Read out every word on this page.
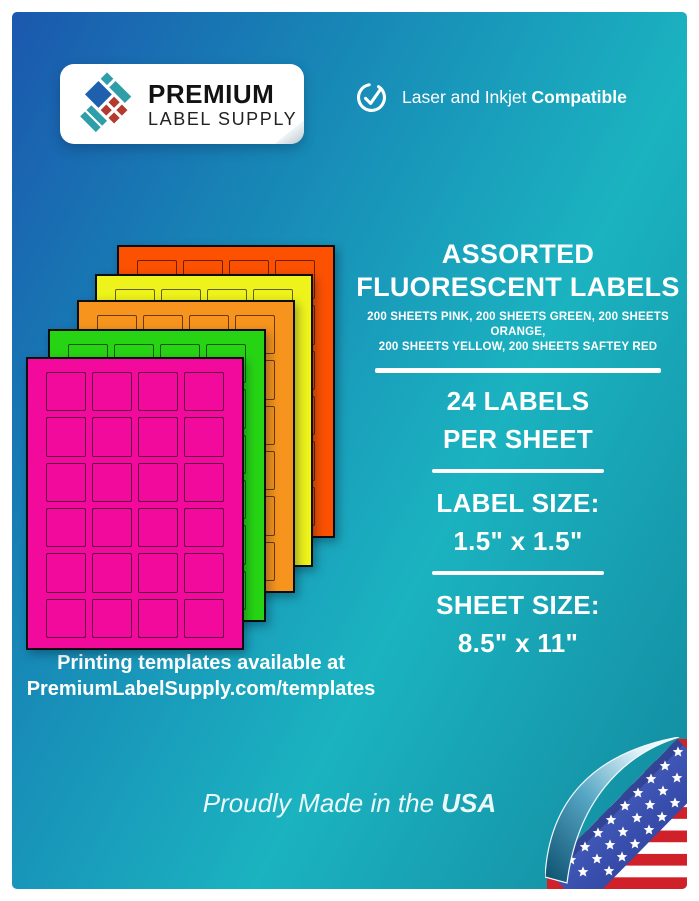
PREMIUM
LABEL SUPPLY
Laser and Inkjet Compatible
ASSORTED
FLUORESCENT LABELS
200 SHEETS PINK, 200 SHEETS GREEN, 200 SHEETS ORANGE,
200 SHEETS YELLOW, 200 SHEETS SAFTEY RED
24 LABELS
PER SHEET
LABEL SIZE:
1.5" x 1.5"
SHEET SIZE:
8.5" x 11"
Printing templates available at
PremiumLabelSupply.com/templates
Proudly Made in the USA
